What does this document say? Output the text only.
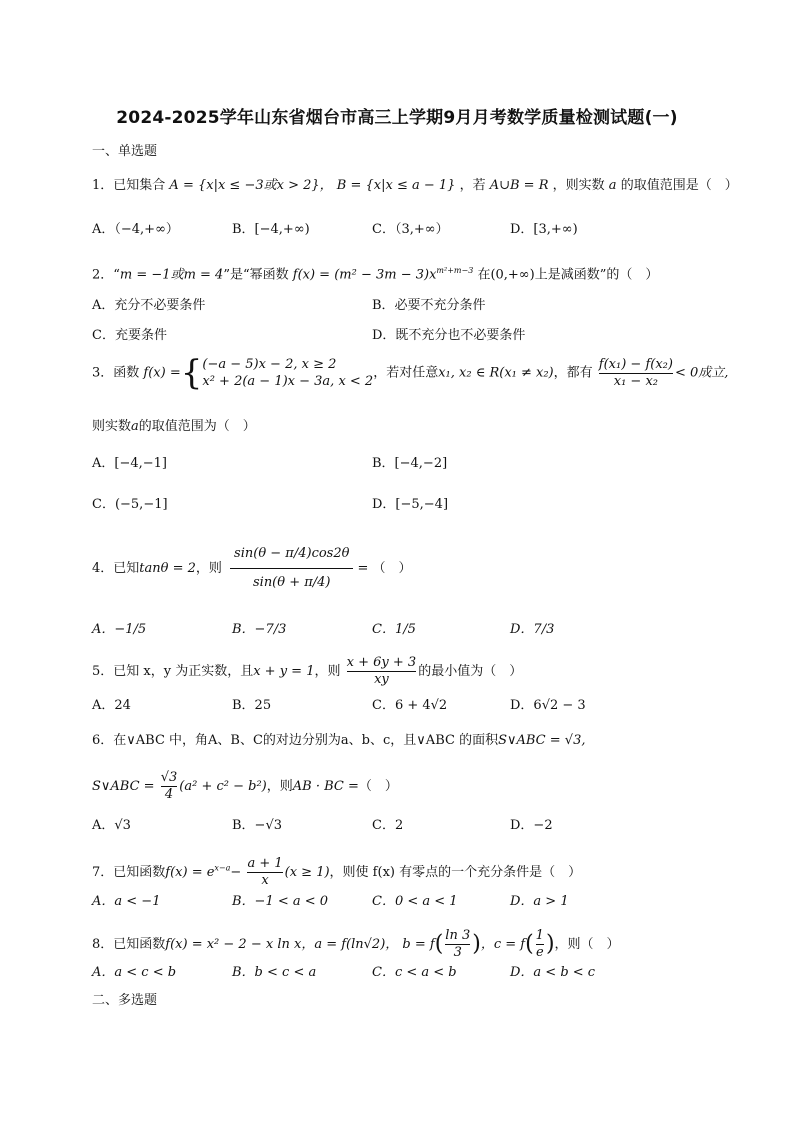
2024-2025学年山东省烟台市高三上学期9月月考数学质量检测试题(一)
一、单选题
1．已知集合 A = {x|x ≤ −3或x > 2}， B = {x|x ≤ a − 1} ，若 A∪B = R ，则实数 a 的取值范围是（　）
A．（−4,+∞）	B．[−4,+∞)	C．（3,+∞）	D．[3,+∞)
2．“m = −1或m = 4”是“幂函数 $f(x) = (m^2 - 3m - 3)x^{m^2+m-3}$ 在(0,+∞)上是减函数”的（　）
A．充分不必要条件	B．必要不充分条件
C．充要条件	D．既不充分也不必要条件
3．函数 f(x) ={ (−a − 5)x − 2, x ≥ 2
x² + 2(a − 1)x − 3a, x < 2
，若对任意x₁, x₂ ∈ R(x₁ ≠ x₂)，都有 $\frac{\text{f(x₁) − f(x₂)}}{\text{x₁ − x₂}} < 0$成立,
则实数a的取值范围为（　）
A．[−4,−1]	B．[−4,−2]
C．(−5,−1]	D．[−5,−4]
4．已知tanθ = 2，则 $\frac{\sin(\theta - \pi/4)\cos 2\theta}{\sin(\theta + \pi/4)}$ = （　）
A．−1/5	B．−7/3	C．1/5	D．7/3
5．已知 x，y 为正实数，且x + y = 1，则 $\frac{x + 6y + 3}{xy}$ 的最小值为（　）
A．24	B．25	C．6 + 4√2	D．6√2 − 3
6．在∨ABC 中，角A、B、C的对边分别为a、b、c，且∨ABC 的面积S∨ABC = √3,
S∨ABC = $\frac{√3}{4} (a^2 + c^2 - b^2)$，则AB · BC =（　）
A．√3	B．−√3	C．2	D．−2
7．已知函数$f(x) = e^{x-a}- \frac{a + 1}{x} (x \ge 1)$，则使 f(x) 有零点的一个充分条件是（　）
A．a < −1	B．−1 < a < 0	C．0 < a < 1	D．a > 1
8．已知函数f(x) = x² − 2 − x ln x，a = f(ln√2)， $b = f( \frac{\ln 3}{3}$ )，$c = f( \frac{1}{e}$ )，则（　）
A．a < c < b	B．b < c < a	C．c < a < b	D．a < b < c
二、多选题
